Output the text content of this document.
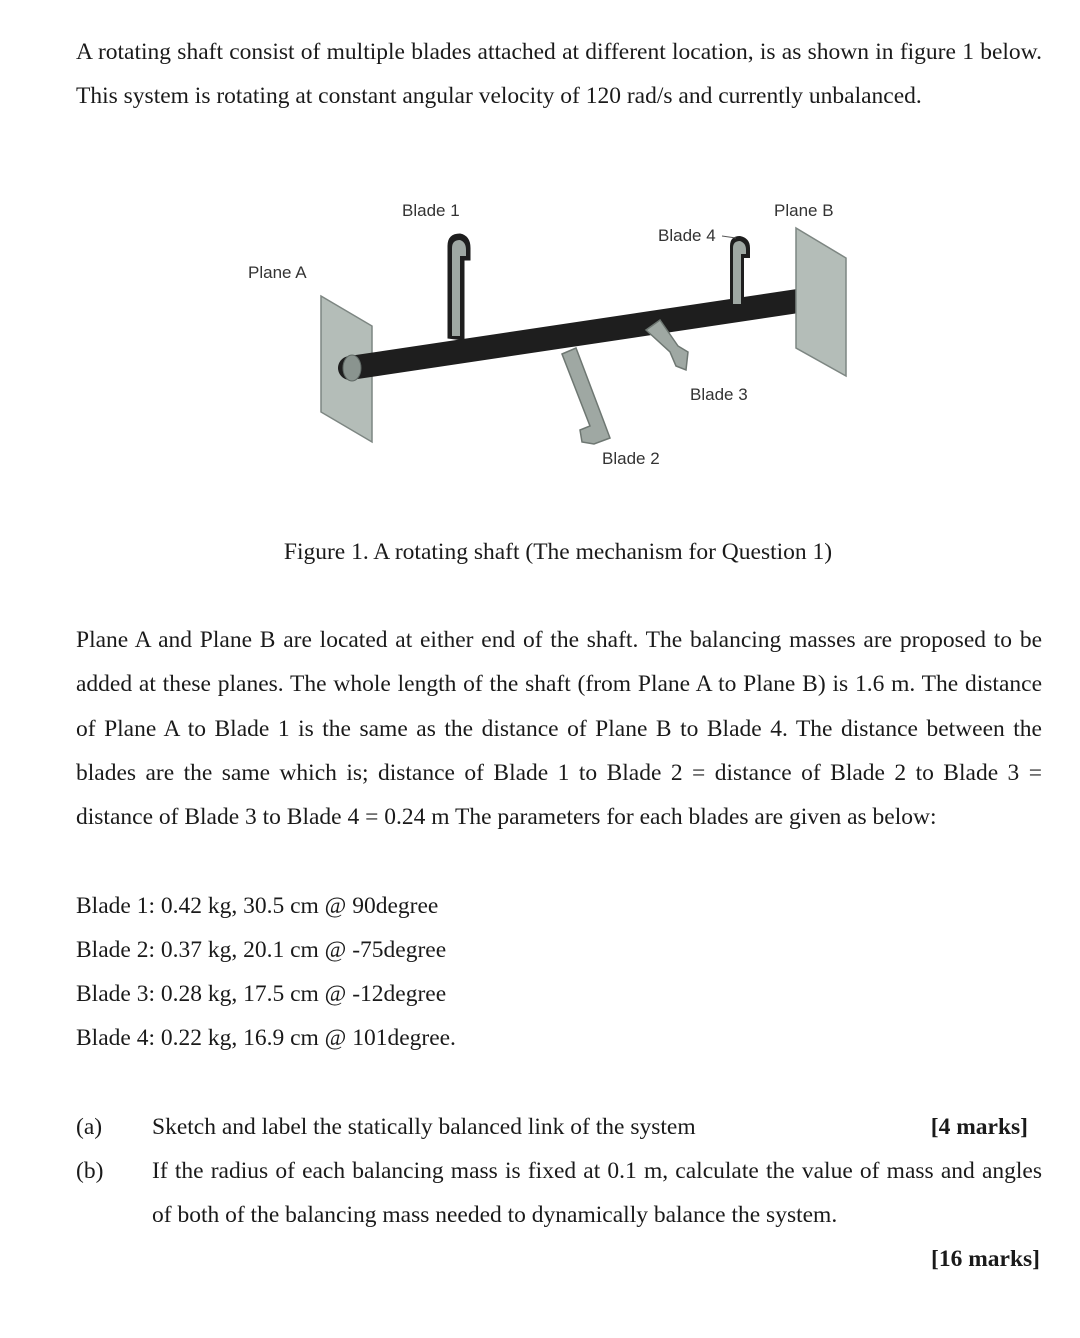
A rotating shaft consist of multiple blades attached at different location, is as shown in figure 1 below. This system is rotating at constant angular velocity of 120 rad/s and currently unbalanced.

Blade 1	Plane B
Blade 4
Plane A
Blade 3
Blade 2
Figure 1. A rotating shaft (The mechanism for Question 1)

Plane A and Plane B are located at either end of the shaft. The balancing masses are proposed to be added at these planes. The whole length of the shaft (from Plane A to Plane B) is 1.6 m. The distance of Plane A to Blade 1 is the same as the distance of Plane B to Blade 4. The distance between the blades are the same which is; distance of Blade 1 to Blade 2 = distance of Blade 2 to Blade 3 = distance of Blade 3 to Blade 4 = 0.24 m The parameters for each blades are given as below:

Blade 1: 0.42 kg, 30.5 cm @ 90degree
Blade 2: 0.37 kg, 20.1 cm @ -75degree
Blade 3: 0.28 kg, 17.5 cm @ -12degree
Blade 4: 0.22 kg, 16.9 cm @ 101degree.
(a) Sketch and label the statically balanced link of the system	[4 marks]
(b) If the radius of each balancing mass is fixed at 0.1 m, calculate the value of mass and angles of both of the balancing mass needed to dynamically balance the system.
[16 marks]
